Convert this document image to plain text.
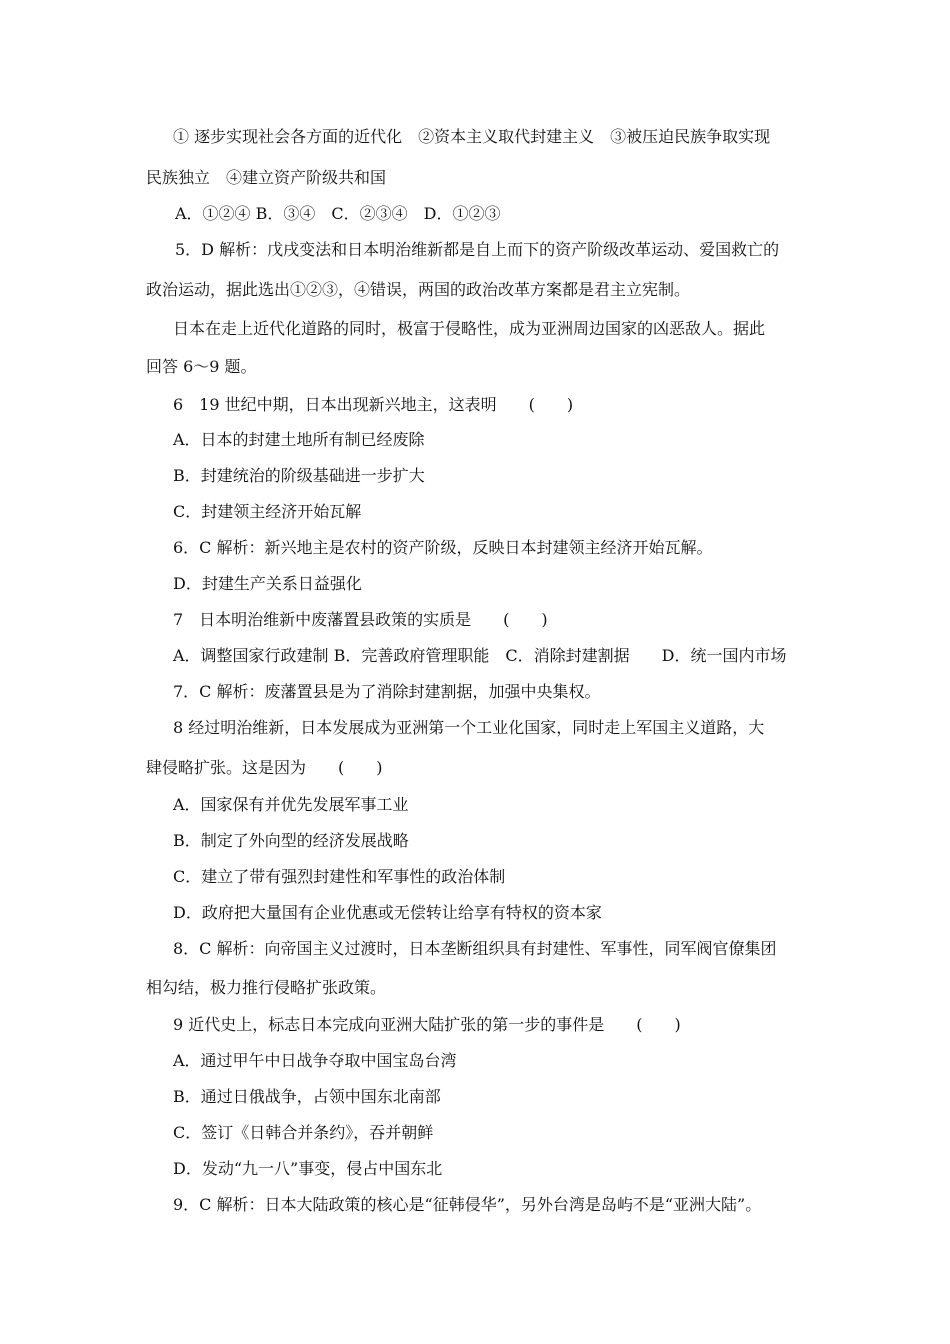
① 逐步实现社会各方面的近代化　②资本主义取代封建主义　③被压迫民族争取实现
民族独立　④建立资产阶级共和国
A．①②④ B．③④　C．②③④　D．①②③
5．D 解析：戊戌变法和日本明治维新都是自上而下的资产阶级改革运动、爱国救亡的
政治运动，据此选出①②③，④错误，两国的政治改革方案都是君主立宪制。
日本在走上近代化道路的同时，极富于侵略性，成为亚洲周边国家的凶恶敌人。据此
回答 6～9 题。
6　19 世纪中期，日本出现新兴地主，这表明　　(　　)
A．日本的封建土地所有制已经废除
B．封建统治的阶级基础进一步扩大
C．封建领主经济开始瓦解
6．C 解析：新兴地主是农村的资产阶级，反映日本封建领主经济开始瓦解。
D．封建生产关系日益强化
7　日本明治维新中废藩置县政策的实质是　　(　　)
A．调整国家行政建制 B．完善政府管理职能　C．消除封建割据　　D．统一国内市场
7．C 解析：废藩置县是为了消除封建割据，加强中央集权。
8 经过明治维新，日本发展成为亚洲第一个工业化国家，同时走上军国主义道路，大
肆侵略扩张。这是因为　　(　　)
A．国家保有并优先发展军事工业
B．制定了外向型的经济发展战略
C．建立了带有强烈封建性和军事性的政治体制
D．政府把大量国有企业优惠或无偿转让给享有特权的资本家
8．C 解析：向帝国主义过渡时，日本垄断组织具有封建性、军事性，同军阀官僚集团
相勾结，极力推行侵略扩张政策。
9 近代史上，标志日本完成向亚洲大陆扩张的第一步的事件是　　(　　)
A．通过甲午中日战争夺取中国宝岛台湾
B．通过日俄战争，占领中国东北南部
C．签订《日韩合并条约》，吞并朝鲜
D．发动“九一八”事变，侵占中国东北
9．C 解析：日本大陆政策的核心是“征韩侵华”，另外台湾是岛屿不是“亚洲大陆”。
